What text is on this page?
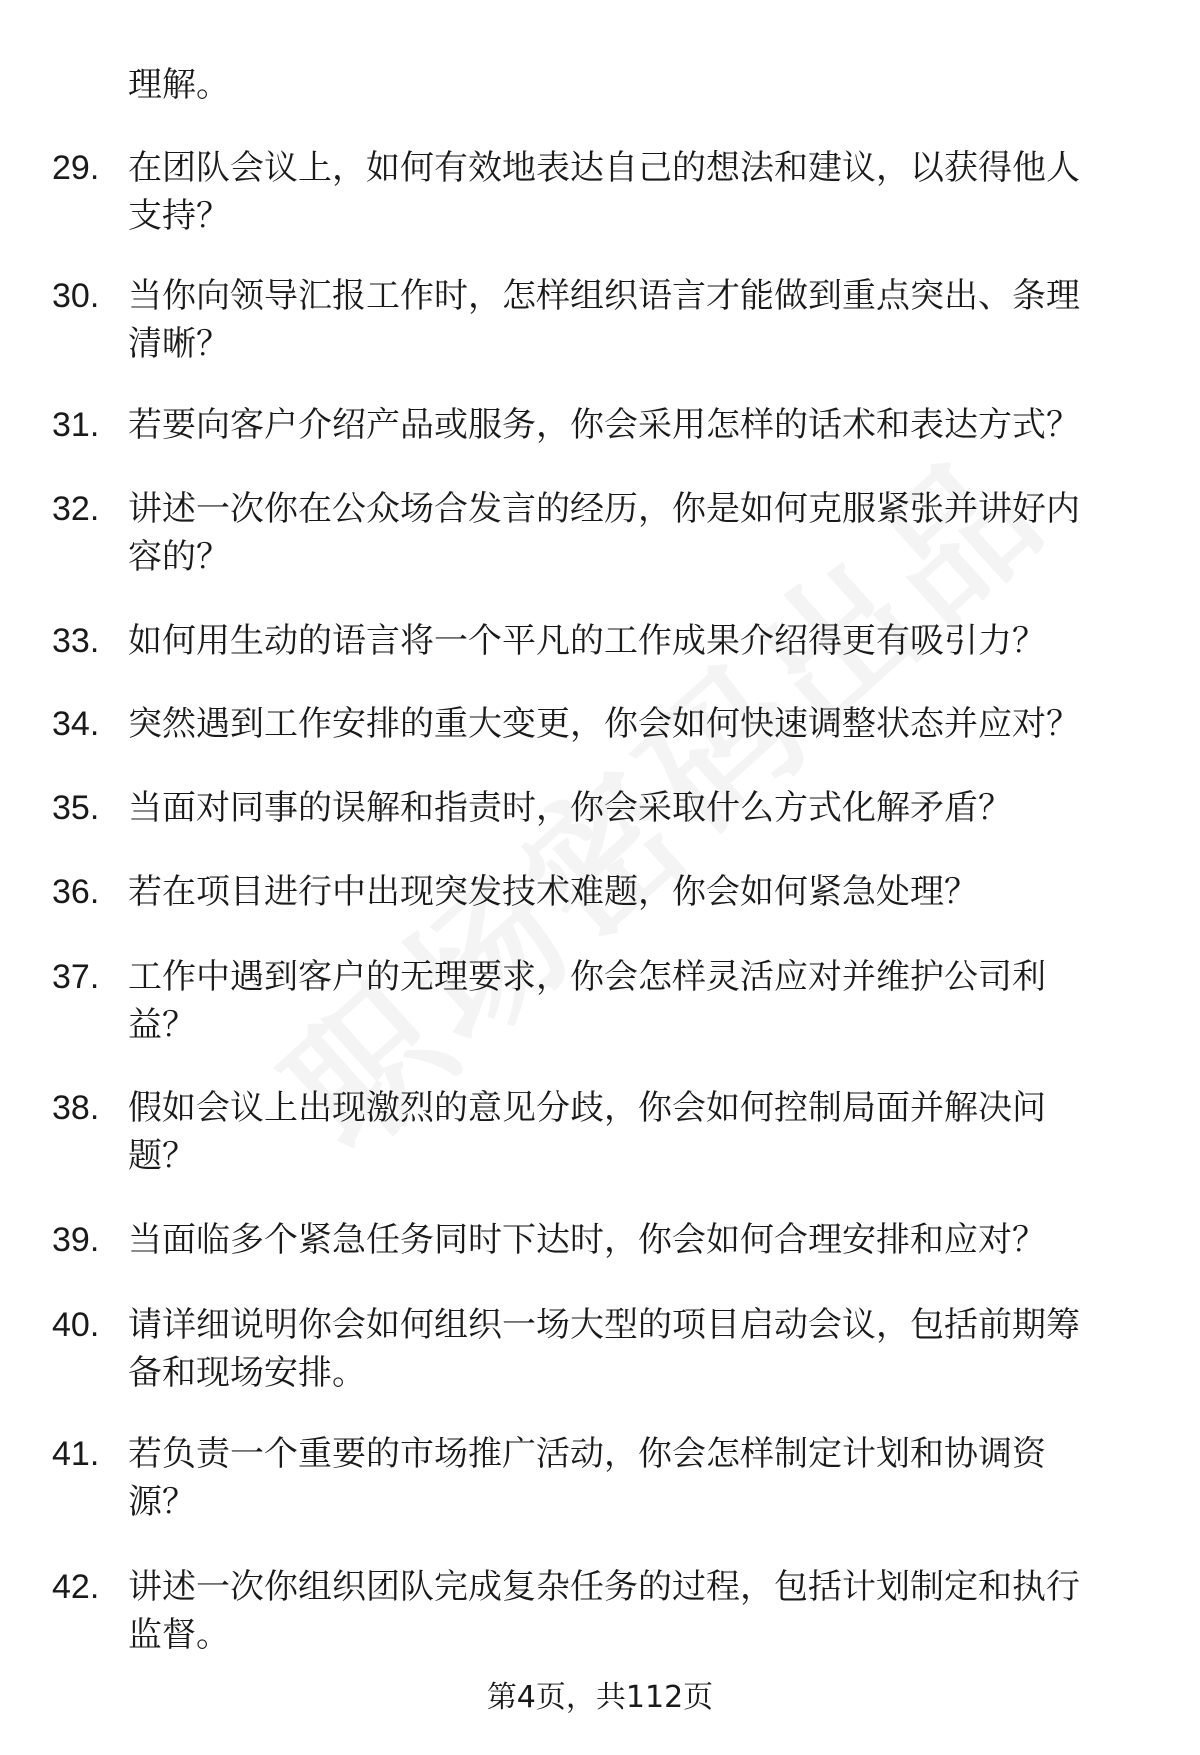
理解。
29. 在团队会议上，如何有效地表达自己的想法和建议，以获得他人
支持？
30. 当你向领导汇报工作时，怎样组织语言才能做到重点突出、条理
清晰？
31. 若要向客户介绍产品或服务，你会采用怎样的话术和表达方式？
32. 讲述一次你在公众场合发言的经历，你是如何克服紧张并讲好内
容的？
33. 如何用生动的语言将一个平凡的工作成果介绍得更有吸引力？
34. 突然遇到工作安排的重大变更，你会如何快速调整状态并应对？
35. 当面对同事的误解和指责时，你会采取什么方式化解矛盾？
36. 若在项目进行中出现突发技术难题，你会如何紧急处理？
37. 工作中遇到客户的无理要求，你会怎样灵活应对并维护公司利
益？
38. 假如会议上出现激烈的意见分歧，你会如何控制局面并解决问
题？
39. 当面临多个紧急任务同时下达时，你会如何合理安排和应对？
40. 请详细说明你会如何组织一场大型的项目启动会议，包括前期筹
备和现场安排。
41. 若负责一个重要的市场推广活动，你会怎样制定计划和协调资
源？
42. 讲述一次你组织团队完成复杂任务的过程，包括计划制定和执行
监督。
第4页，共112页
